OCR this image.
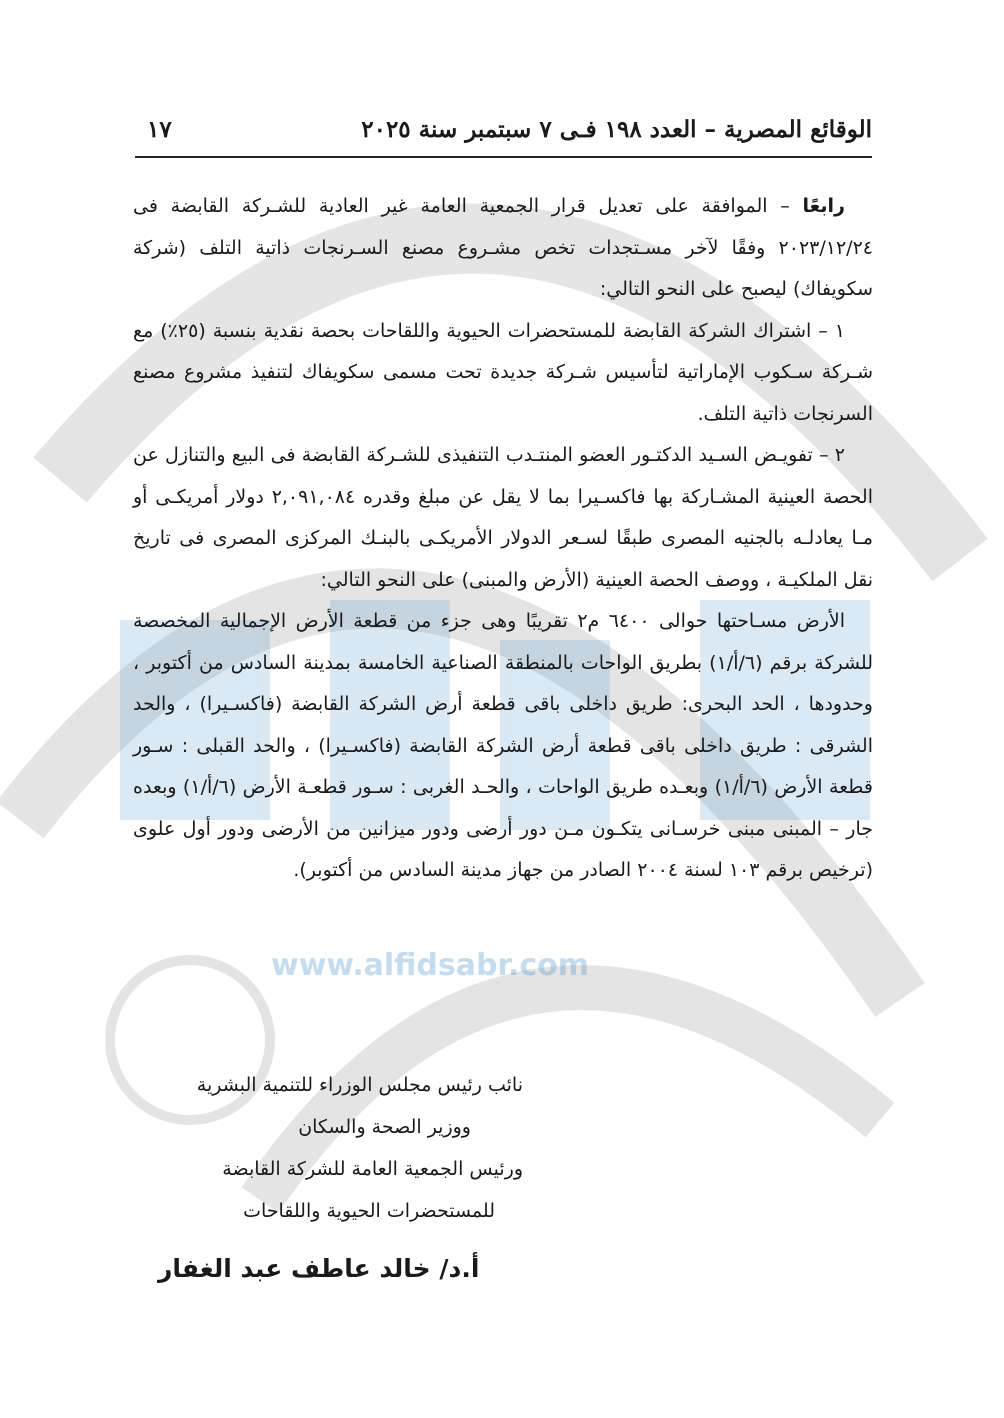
www.alfidsabr.com
الوقائع المصرية – العدد ١٩٨ فـى ٧ سبتمبر سنة ٢٠٢٥
١٧

رابعًا – الموافقة على تعديل قرار الجمعية العامة غير العادية للشـركة القابضة فى ٢٠٢٣/١٢/٢٤ وفقًا لآخر مسـتجدات تخص مشـروع مصنع السـرنجات ذاتية التلف (شركة سكويفاك) ليصبح على النحو التالي:

١ – اشتراك الشركة القابضة للمستحضرات الحيوية واللقاحات بحصة نقدية بنسبة (٢٥٪) مع شـركة سـكوب الإماراتية لتأسيس شـركة جديدة تحت مسمى سكويفاك لتنفيذ مشروع مصنع السرنجات ذاتية التلف.

٢ – تفويـض السـيد الدكتـور العضو المنتـدب التنفيذى للشـركة القابضة فى البيع والتنازل عن الحصة العينية المشـاركة بها فاكسـيرا بما لا يقل عن مبلغ وقدره ٢,٠٩١,٠٨٤ دولار أمريكـى أو مـا يعادلـه بالجنيه المصرى طبقًا لسـعر الدولار الأمريكـى بالبنـك المركزى المصرى فى تاريخ نقل الملكيـة ، ووصف الحصة العينية (الأرض والمبنى) على النحو التالي:

الأرض مسـاحتها حوالى ٦٤٠٠ م٢ تقريبًا وهى جزء من قطعة الأرض الإجمالية المخصصة للشركة برقم (٦/أ/١) بطريق الواحات بالمنطقة الصناعية الخامسة بمدينة السادس من أكتوبر ، وحدودها ، الحد البحرى: طريق داخلى باقى قطعة أرض الشركة القابضة (فاكسـيرا) ، والحد الشرقى : طريق داخلى باقى قطعة أرض الشركة القابضة (فاكسـيرا) ، والحد القبلى : سـور قطعة الأرض (٦/أ/١) وبعـده طريق الواحات ، والحـد الغربى : سـور قطعـة الأرض (٦/أ/١) وبعده جار – المبنى مبنى خرسـانى يتكـون مـن دور أرضى ودور ميزانين من الأرضى ودور أول علوى (ترخيص برقم ١٠٣ لسنة ٢٠٠٤ الصادر من جهاز مدينة السادس من أكتوبر).

نائب رئيس مجلس الوزراء للتنمية البشرية
ووزير الصحة والسكان
ورئيس الجمعية العامة للشركة القابضة
للمستحضرات الحيوية واللقاحات
أ.د/ خالد عاطف عبد الغفار
